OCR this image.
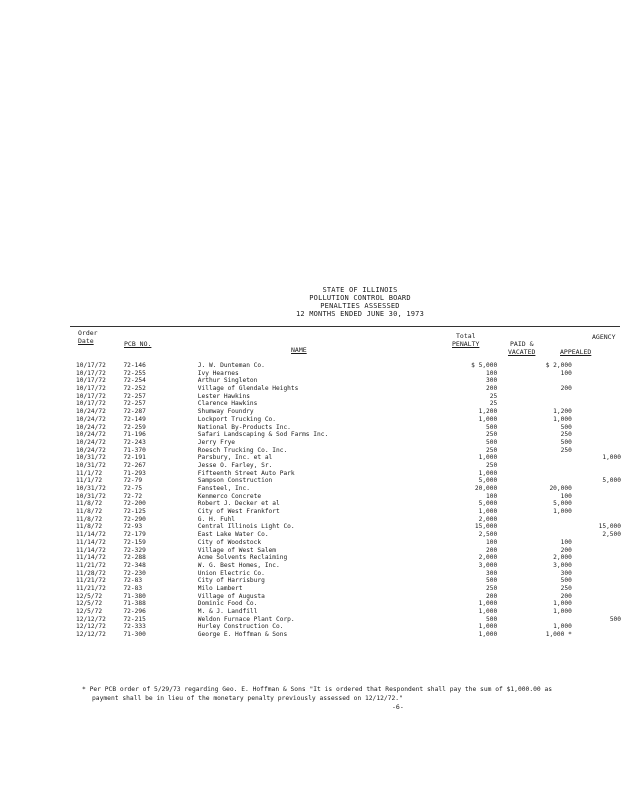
STATE OF ILLINOIS
POLLUTION CONTROL BOARD
PENALTIES ASSESSED
12 MONTHS ENDED JUNE 30, 1973
Order
Date	PCB NO.
NAME
Total
PENALTY	PAID &
VACATED	APPEALED
AGENCY
10/17/72	72-146	J. W. Dunteman Co.	$ 5,000	$ 2,000	
10/17/72	72-255	Ivy Hearnes	100	100	
10/17/72	72-254	Arthur Singleton	300		
10/17/72	72-252	Village of Glendale Heights	200	200	
10/17/72	72-257	Lester Hawkins	25		
10/17/72	72-257	Clarence Hawkins	25		
10/24/72	72-287	Shumway Foundry	1,200	1,200	
10/24/72	72-149	Lockport Trucking Co.	1,000	1,000	
10/24/72	72-259	National By-Products Inc.	500	500	
10/24/72	71-196	Safari Landscaping & Sod Farms Inc.	250	250	
10/24/72	72-243	Jerry Frye	500	500	
10/24/72	71-370	Roesch Trucking Co. Inc.	250	250	
10/31/72	72-191	Parsbury, Inc. et al	1,000		1,000
10/31/72	72-267	Jesse O. Farley, Sr.	250		
11/1/72	71-293	Fifteenth Street Auto Park	1,000		
11/1/72	72-79	Sampson Construction	5,000		5,000
10/31/72	72-75	Fansteel, Inc.	20,000	20,000	
10/31/72	72-72	Kenmerco Concrete	100	100	
11/8/72	72-200	Robert J. Decker et al	5,000	5,000	
11/8/72	72-125	City of West Frankfort	1,000	1,000	
11/8/72	72-290	G. H. Fuhl	2,000		
11/8/72	72-93	Central Illinois Light Co.	15,000		15,000
11/14/72	72-179	East Lake Water Co.	2,500		2,500
11/14/72	72-159	City of Woodstock	100	100	
11/14/72	72-329	Village of West Salem	200	200	
11/14/72	72-288	Acme Solvents Reclaiming	2,000	2,000	
11/21/72	72-348	W. G. Best Homes, Inc.	3,000	3,000	
11/28/72	72-230	Union Electric Co.	300	300	
11/21/72	72-83	City of Harrisburg	500	500	
11/21/72	72-83	Milo Lambert	250	250	
12/5/72	71-380	Village of Augusta	200	200	
12/5/72	71-388	Dominic Food Co.	1,000	1,000	
12/5/72	72-296	M. & J. Landfill	1,000	1,000	
12/12/72	72-215	Weldon Furnace Plant Corp.	500		500
12/12/72	72-333	Hurley Construction Co.	1,000	1,000	
12/12/72	71-300	George E. Hoffman & Sons	1,000	1,000 *	
* Per PCB order of 5/29/73 regarding Geo. E. Hoffman & Sons "It is ordered that Respondent shall pay the sum of $1,000.00 as
payment shall be in lieu of the monetary penalty previously assessed on 12/12/72."
-6-
